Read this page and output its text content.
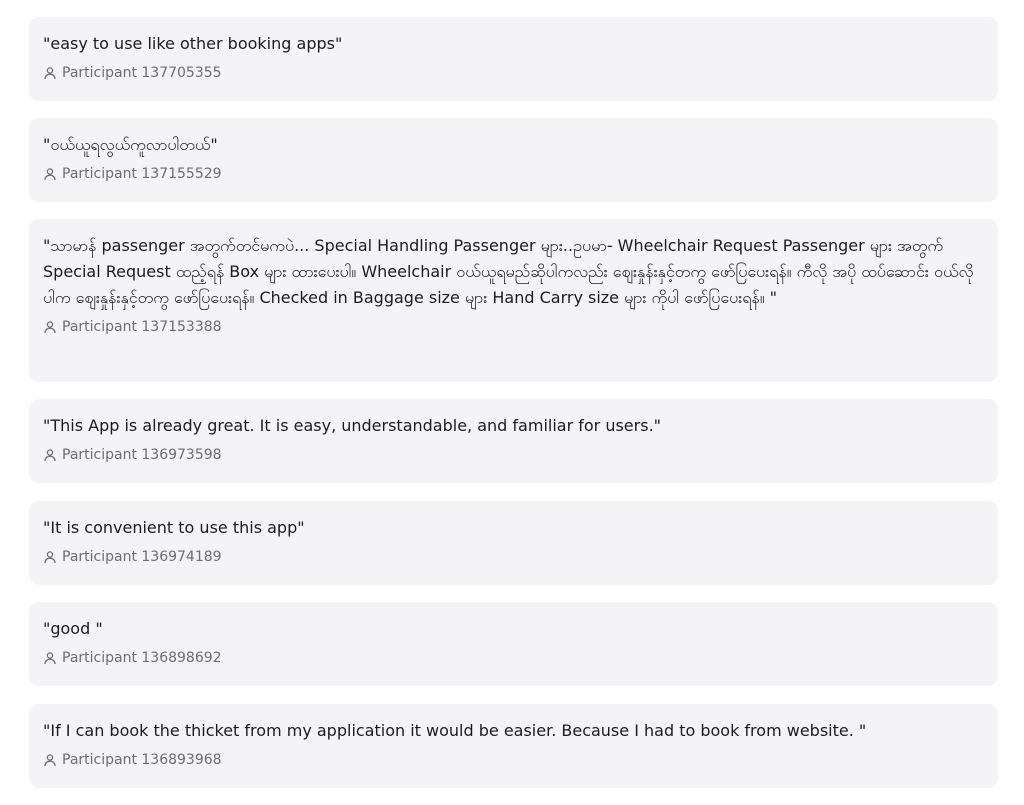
"easy to use like other booking apps"

Participant 137705355

"ဝယ်ယူရလွယ်ကူလာပါတယ်"

Participant 137155529

"သာမာန် passenger အတွက်တင်မကပဲ... Special Handling Passenger များ..ဥပမာ- Wheelchair Request Passenger များ အတွက် Special Request ထည့်ရန် Box များ ထားပေးပါ။ Wheelchair ဝယ်ယူရမည်ဆိုပါကလည်း စျေးနှုန်းနှင့်တကွ ဖော်ပြပေးရန်။ ကီလို အပို ထပ်ဆောင်း ဝယ်လိုပါက စျေးနှုန်းနှင့်တကွ ဖော်ပြပေးရန်။ Checked in Baggage size များ Hand Carry size များ ကိုပါ ဖော်ပြပေးရန်။ "

Participant 137153388

"This App is already great. It is easy, understandable, and familiar for users."

Participant 136973598

"It is convenient to use this app"

Participant 136974189

"good "

Participant 136898692

"If I can book the thicket from my application it would be easier. Because I had to book from website. "

Participant 136893968
